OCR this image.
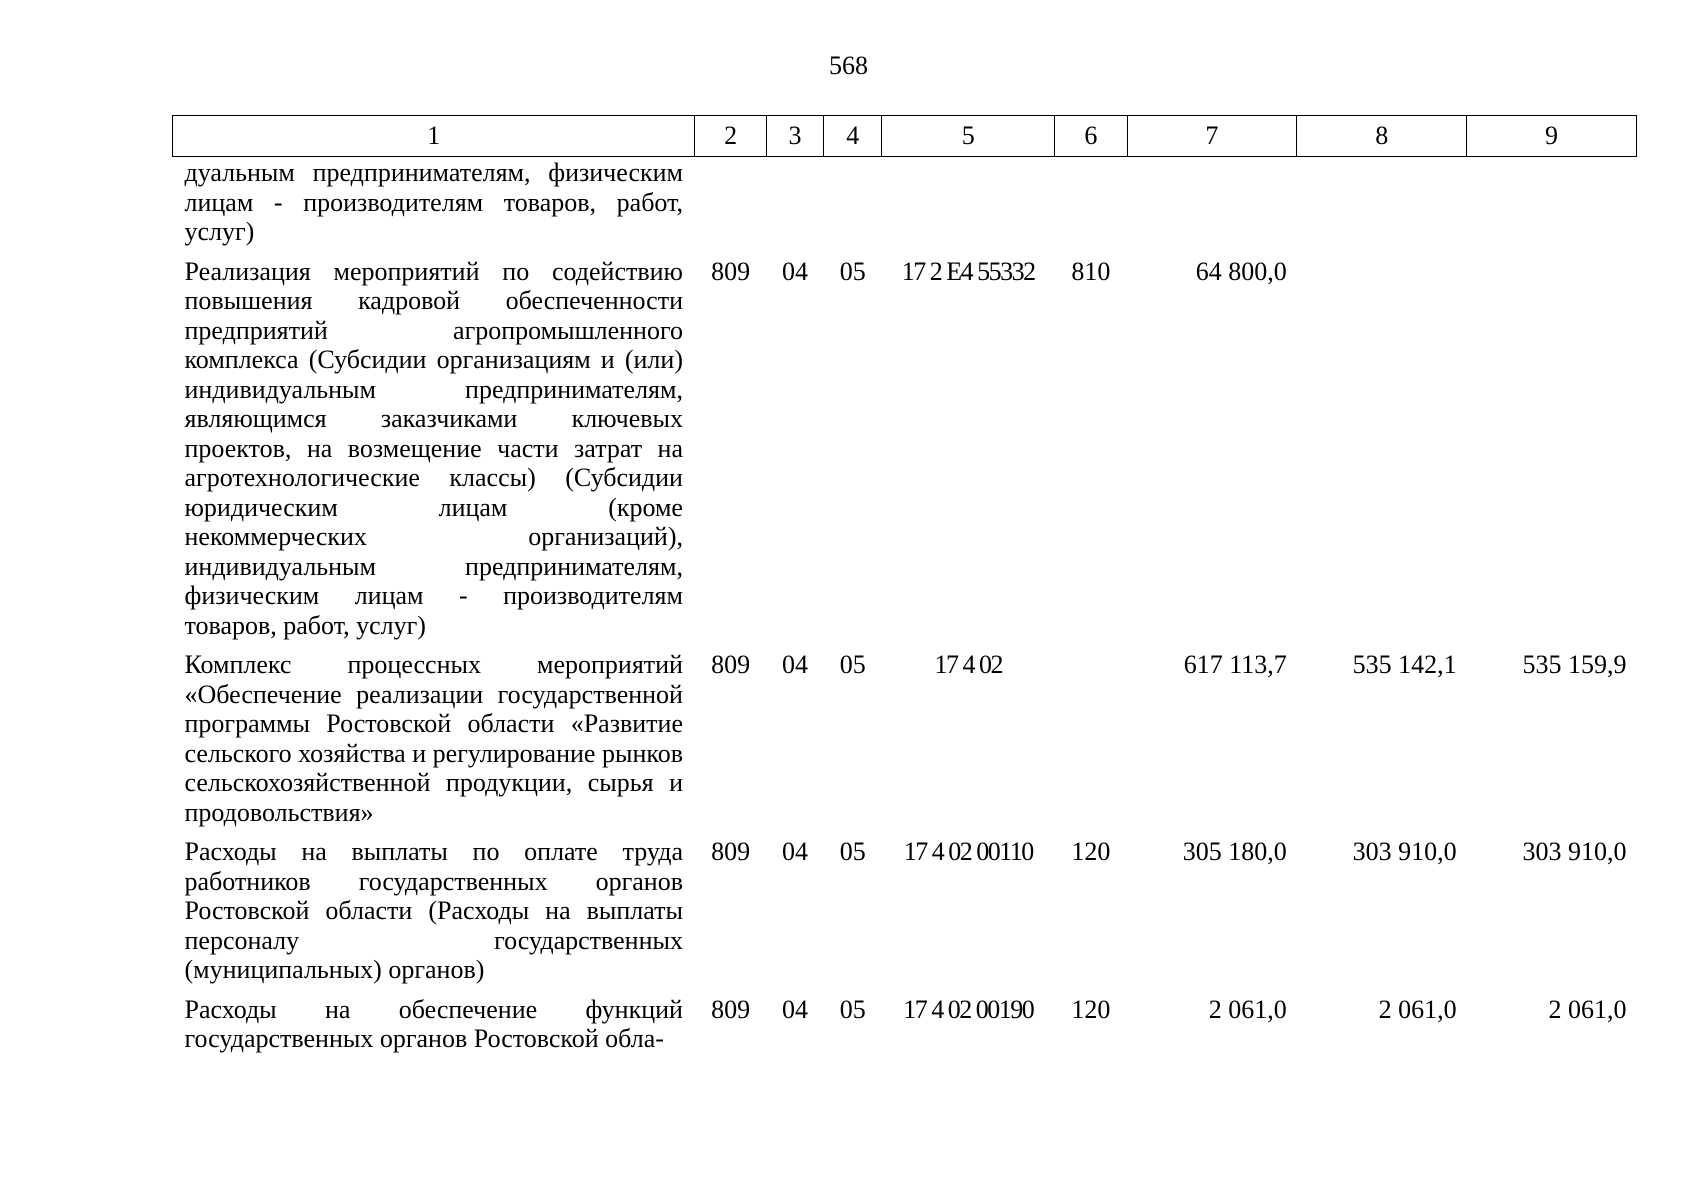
568
1	2	3	4	5	6	7	8	9
дуальным предпринимателям, физическим лицам - производителям товаров, работ, услуг)								
Реализация мероприятий по содействию повышения кадровой обеспеченности предприятий агропромышленного комплекса (Субсидии организациям и (или) индивидуальным предпринимателям, являющимся заказчиками ключевых проектов, на возмещение части затрат на агротехнологические классы) (Субсидии юридическим лицам (кроме некоммерческих организаций), индивидуальным предпринимателям, физическим лицам - производителям товаров, работ, услуг)	809	04	05	17 2 Е4 55332	810	64 800,0		
Комплекс процессных мероприятий «Обеспечение реализации государственной программы Ростовской области «Развитие сельского хозяйства и регулирование рынков сельскохозяйственной продукции, сырья и продовольствия»	809	04	05	17 4 02		617 113,7	535 142,1	535 159,9
Расходы на выплаты по оплате труда работников государственных органов Ростовской области (Расходы на выплаты персоналу государственных (муниципальных) органов)	809	04	05	17 4 02 00110	120	305 180,0	303 910,0	303 910,0
Расходы на обеспечение функций государственных органов Ростовской обла-	809	04	05	17 4 02 00190	120	2 061,0	2 061,0	2 061,0
